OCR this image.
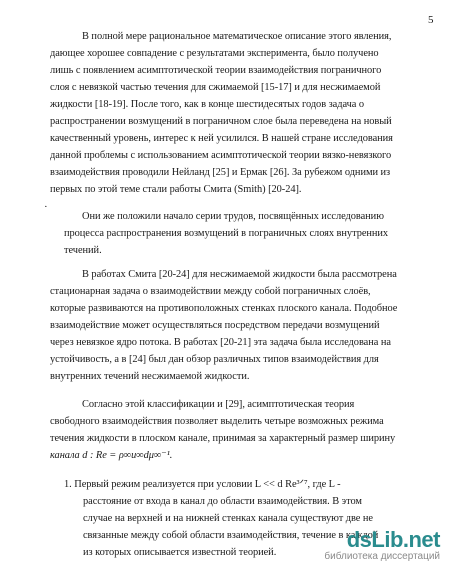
5
В полной мере рациональное математическое описание этого явления,
дающее хорошее совпадение с результатами эксперимента, было получено
лишь с появлением асимптотической теории взаимодействия пограничного
слоя с невязкой частью течения для сжимаемой [15-17] и для несжимаемой
жидкости [18-19]. После того, как в конце шестидесятых годов задача о
распространении возмущений в пограничном слое была переведена на новый
качественный уровень, интерес к ней усилился. В нашей стране исследования
данной проблемы с использованием асимптотической теории вязко-невязкого
взаимодействия проводили Нейланд [25] и Ермак [26]. За рубежом одними из
первых по этой теме стали работы Смита (Smith) [20-24].
·
Они же положили начало серии трудов, посвящённых исследованию
процесса распространения возмущений в пограничных слоях внутренних
течений.
В работах Смита [20-24] для несжимаемой жидкости была рассмотрена
стационарная задача о взаимодействии между собой пограничных слоёв,
которые развиваются на противоположных стенках плоского канала. Подобное
взаимодействие может осуществляться посредством передачи возмущений
через невязкое ядро потока. В работах [20-21] эта задача была исследована на
устойчивость, а в [24] был дан обзор различных типов взаимодействия для
внутренних течений несжимаемой жидкости.
Согласно этой классификации и [29], асимптотическая теория
свободного взаимодействия позволяет выделить четыре возможных режима
течения жидкости в плоском канале, принимая за характерный размер ширину
канала d : Re = ρ∞u∞dμ∞⁻¹.
1. Первый режим реализуется при условии L << d Re³ᐟ⁷, где L -
расстояние от входа в канал до области взаимодействия. В этом
случае на верхней и на нижней стенках канала существуют две не
связанные между собой области взаимодействия, течение в каждой
из которых описывается известной теорией.
dsLib.net
библиотека диссертаций
